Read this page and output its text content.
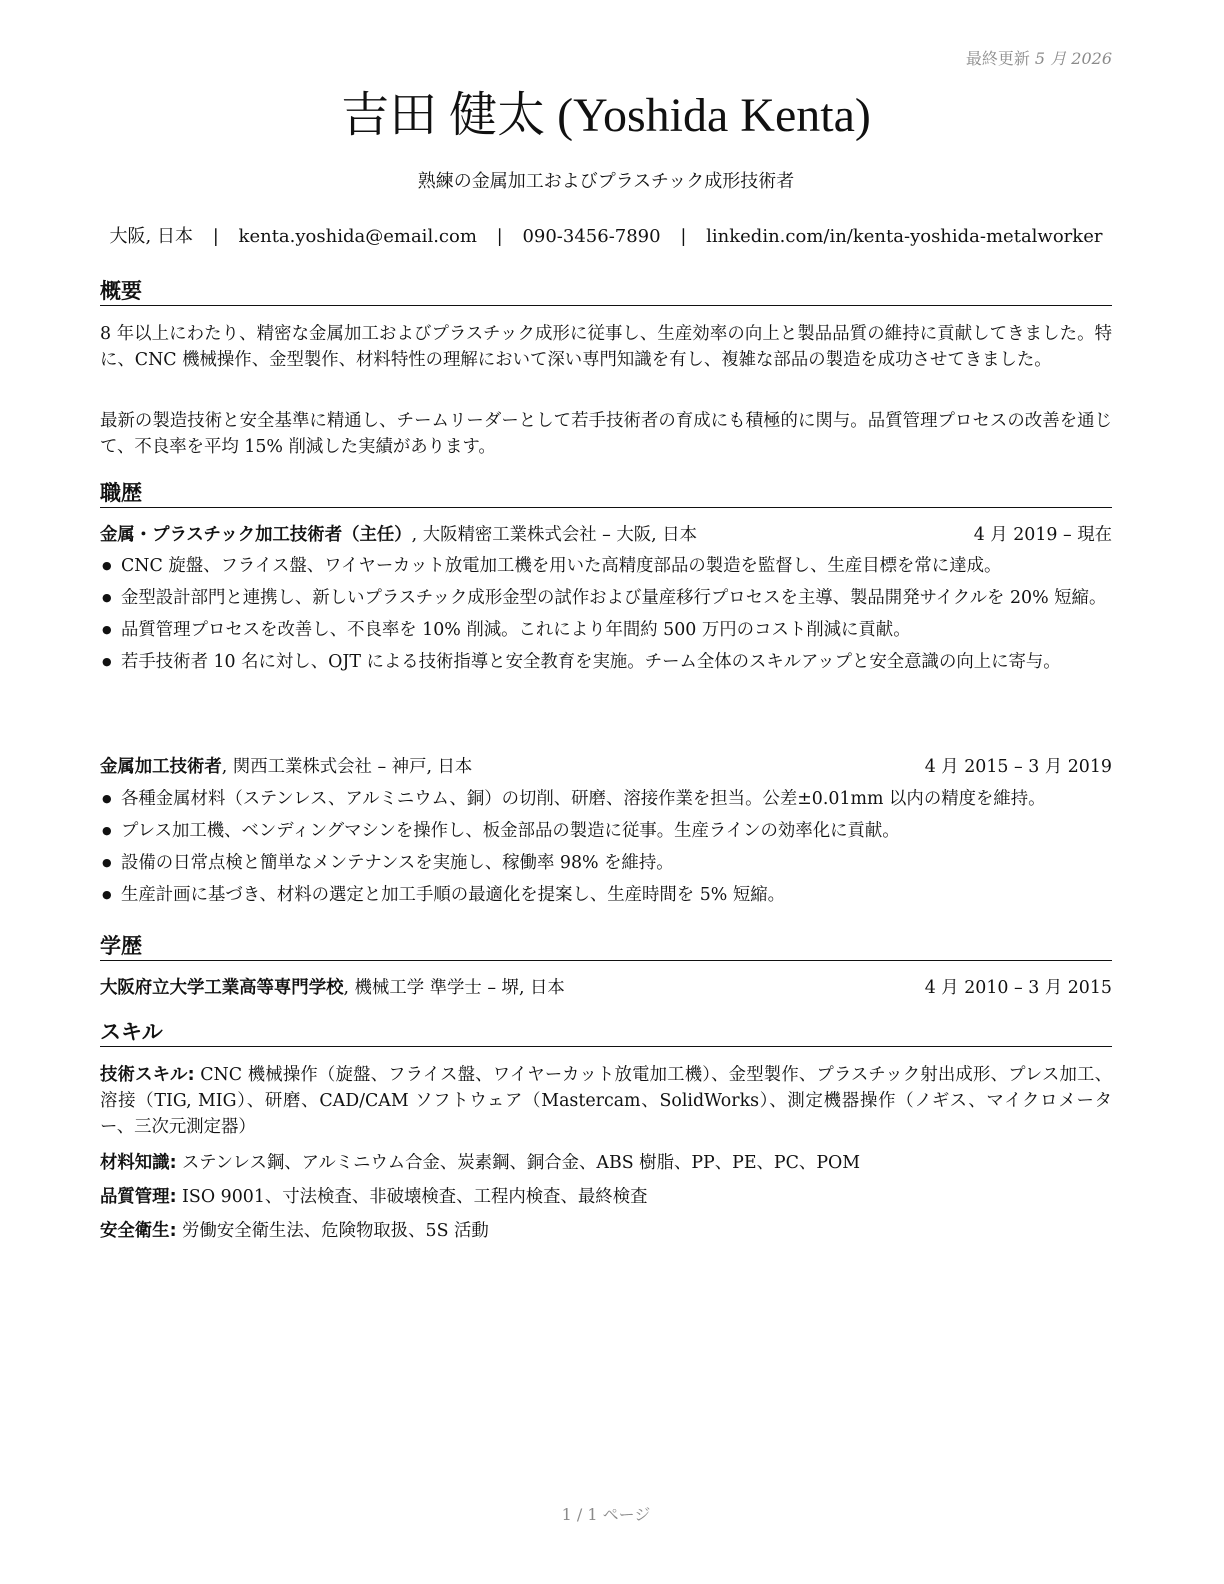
最終更新 5 月 2026
吉田 健太 (Yoshida Kenta)
熟練の金属加工およびプラスチック成形技術者
大阪, 日本 | kenta.yoshida@email.com | 090-3456-7890 | linkedin.com/in/kenta-yoshida-metalworker
概要
8 年以上にわたり、精密な金属加工およびプラスチック成形に従事し、生産効率の向上と製品品質の維持に貢献してきました。特に、CNC 機械操作、金型製作、材料特性の理解において深い専門知識を有し、複雑な部品の製造を成功させてきました。
最新の製造技術と安全基準に精通し、チームリーダーとして若手技術者の育成にも積極的に関与。品質管理プロセスの改善を通じて、不良率を平均 15% 削減した実績があります。
職歴
金属・プラスチック加工技術者（主任）, 大阪精密工業株式会社 – 大阪, 日本	4 月 2019 – 現在
● CNC 旋盤、フライス盤、ワイヤーカット放電加工機を用いた高精度部品の製造を監督し、生産目標を常に達成。
● 金型設計部門と連携し、新しいプラスチック成形金型の試作および量産移行プロセスを主導、製品開発サイクルを 20% 短縮。
● 品質管理プロセスを改善し、不良率を 10% 削減。これにより年間約 500 万円のコスト削減に貢献。
● 若手技術者 10 名に対し、OJT による技術指導と安全教育を実施。チーム全体のスキルアップと安全意識の向上に寄与。
金属加工技術者, 関西工業株式会社 – 神戸, 日本	4 月 2015 – 3 月 2019
● 各種金属材料（ステンレス、アルミニウム、銅）の切削、研磨、溶接作業を担当。公差±0.01mm 以内の精度を維持。
● プレス加工機、ベンディングマシンを操作し、板金部品の製造に従事。生産ラインの効率化に貢献。
● 設備の日常点検と簡単なメンテナンスを実施し、稼働率 98% を維持。
● 生産計画に基づき、材料の選定と加工手順の最適化を提案し、生産時間を 5% 短縮。
学歴
大阪府立大学工業高等専門学校, 機械工学 準学士 – 堺, 日本	4 月 2010 – 3 月 2015
スキル
技術スキル: CNC 機械操作（旋盤、フライス盤、ワイヤーカット放電加工機）、金型製作、プラスチック射出成形、プレス加工、溶接（TIG, MIG）、研磨、CAD/CAM ソフトウェア（Mastercam、SolidWorks）、測定機器操作（ノギス、マイクロメーター、三次元測定器）
材料知識: ステンレス鋼、アルミニウム合金、炭素鋼、銅合金、ABS 樹脂、PP、PE、PC、POM
品質管理: ISO 9001、寸法検査、非破壊検査、工程内検査、最終検査
安全衛生: 労働安全衛生法、危険物取扱、5S 活動
1 / 1 ページ
